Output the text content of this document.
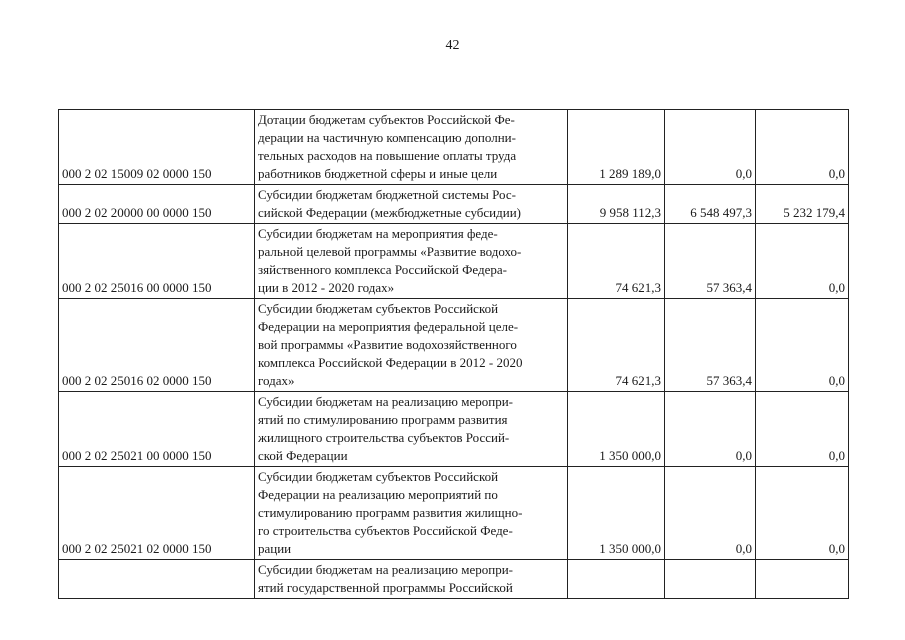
42
000 2 02 15009 02 0000 150	Дотации бюджетам субъектов Российской Фе-
дерации на частичную компенсацию дополни-
тельных расходов на повышение оплаты труда
работников бюджетной сферы и иные цели	1 289 189,0	0,0	0,0
000 2 02 20000 00 0000 150	Субсидии бюджетам бюджетной системы Рос-
сийской Федерации (межбюджетные субсидии)	9 958 112,3	6 548 497,3	5 232 179,4
000 2 02 25016 00 0000 150	Субсидии бюджетам на мероприятия феде-
ральной целевой программы «Развитие водохо-
зяйственного комплекса Российской Федера-
ции в 2012 - 2020 годах»	74 621,3	57 363,4	0,0
000 2 02 25016 02 0000 150	Субсидии бюджетам субъектов Российской
Федерации на мероприятия федеральной целе-
вой программы «Развитие водохозяйственного
комплекса Российской Федерации в 2012 - 2020
годах»	74 621,3	57 363,4	0,0
000 2 02 25021 00 0000 150	Субсидии бюджетам на реализацию меропри-
ятий по стимулированию программ развития
жилищного строительства субъектов Россий-
ской Федерации	1 350 000,0	0,0	0,0
000 2 02 25021 02 0000 150	Субсидии бюджетам субъектов Российской
Федерации на реализацию мероприятий по
стимулированию программ развития жилищно-
го строительства субъектов Российской Феде-
рации	1 350 000,0	0,0	0,0

	Субсидии бюджетам на реализацию меропри-
ятий государственной программы Российской			
